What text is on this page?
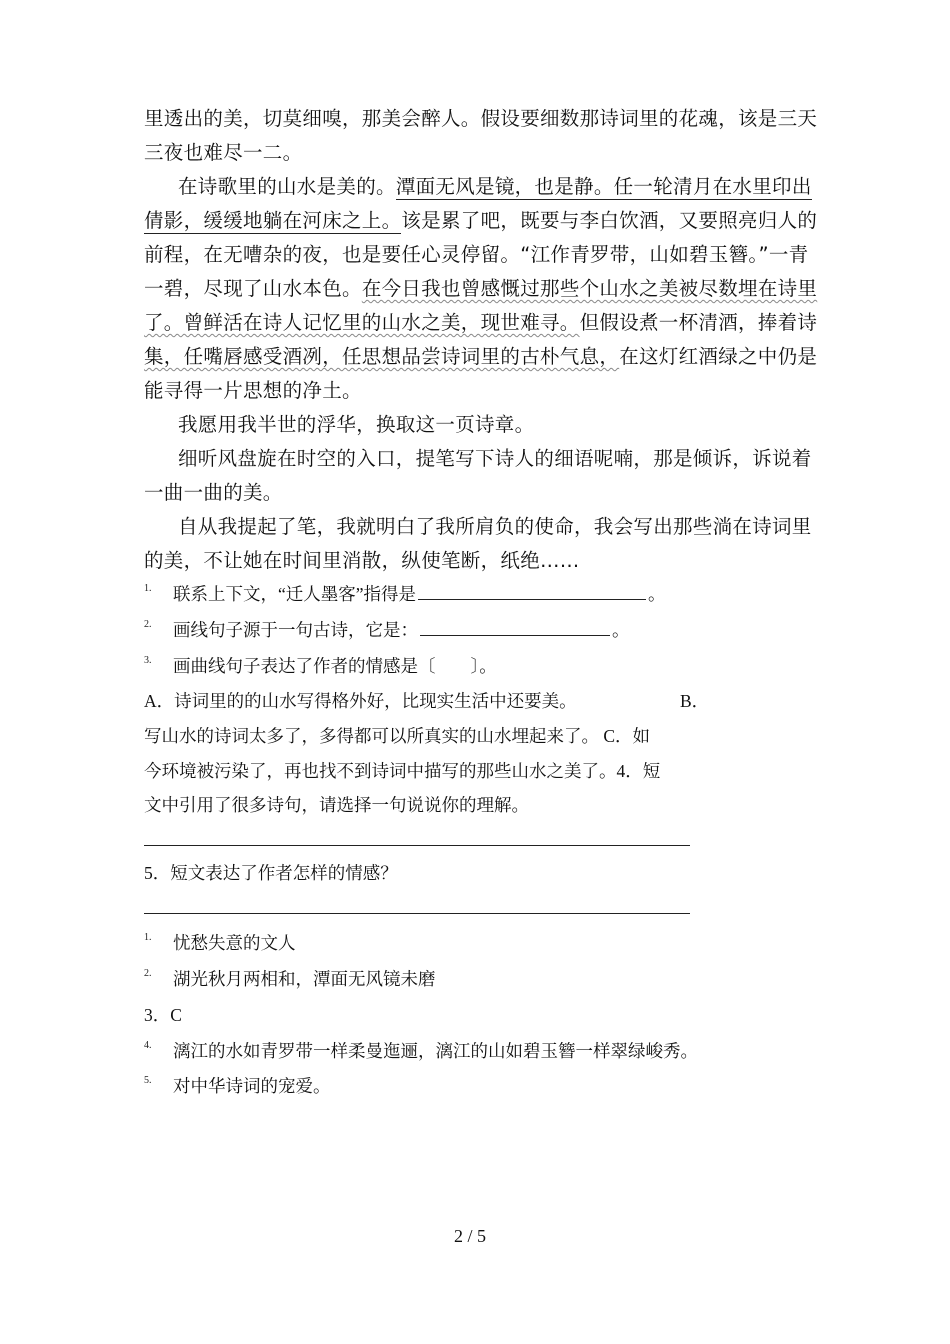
里透出的美，切莫细嗅，那美会醉人。假设要细数那诗词里的花魂，该是三天
三夜也难尽一二。
在诗歌里的山水是美的。潭面无风是镜，也是静。任一轮清月在水里印出
倩影，缓缓地躺在河床之上。该是累了吧，既要与李白饮酒，又要照亮归人的
前程，在无嘈杂的夜，也是要任心灵停留。“江作青罗带，山如碧玉簪。”一青
一碧，尽现了山水本色。在今日我也曾感慨过那些个山水之美被尽数埋在诗里
了。曾鲜活在诗人记忆里的山水之美，现世难寻。但假设煮一杯清酒，捧着诗
集，任嘴唇感受酒冽，任思想品尝诗词里的古朴气息，在这灯红酒绿之中仍是
能寻得一片思想的净土。
我愿用我半世的浮华，换取这一页诗章。
细听风盘旋在时空的入口，提笔写下诗人的细语呢喃，那是倾诉，诉说着
一曲一曲的美。
自从我提起了笔，我就明白了我所肩负的使命，我会写出那些淌在诗词里
的美，不让她在时间里消散，纵使笔断，纸绝……
1. 联系上下文，“迁人墨客”指得是	。
2. 画线句子源于一句古诗，它是：	。
3. 画曲线句子表达了作者的情感是〔　　〕。
A．诗词里的的山水写得格外好，比现实生活中还要美。	B．
写山水的诗词太多了，多得都可以所真实的山水埋起来了。 C．如
今环境被污染了，再也找不到诗词中描写的那些山水之美了。4．短
文中引用了很多诗句，请选择一句说说你的理解。
5．短文表达了作者怎样的情感？
1. 忧愁失意的文人
2. 湖光秋月两相和，潭面无风镜未磨
3．C
4. 漓江的水如青罗带一样柔曼迤逦，漓江的山如碧玉簪一样翠绿峻秀。
5. 对中华诗词的宠爱。
2 / 5
